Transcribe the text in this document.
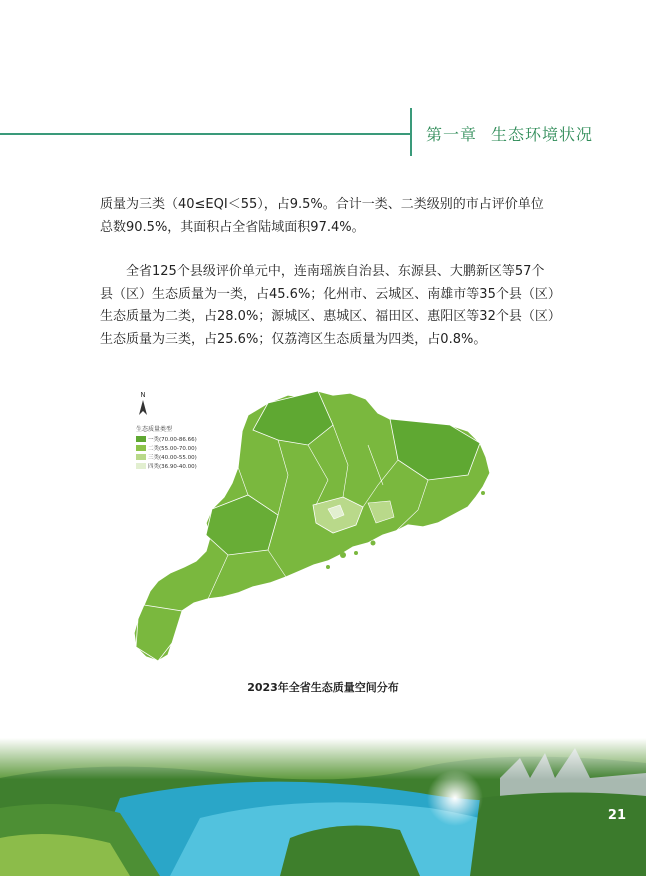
第一章 生态环境状况
质量为三类（40≤EQI＜55），占9.5%。合计一类、二类级别的市占评价单位总数90.5%，其面积占全省陆域面积97.4%。
全省125个县级评价单元中，连南瑶族自治县、东源县、大鹏新区等57个县（区）生态质量为一类，占45.6%；化州市、云城区、南雄市等35个县（区）生态质量为二类，占28.0%；源城区、惠城区、福田区、惠阳区等32个县（区）生态质量为三类，占25.6%；仅荔湾区生态质量为四类，占0.8%。
N
生态质量类型
一类(70.00-86.66)
二类(55.00-70.00)
三类(40.00-55.00)
四类(36.90-40.00)
2023年全省生态质量空间分布
21
